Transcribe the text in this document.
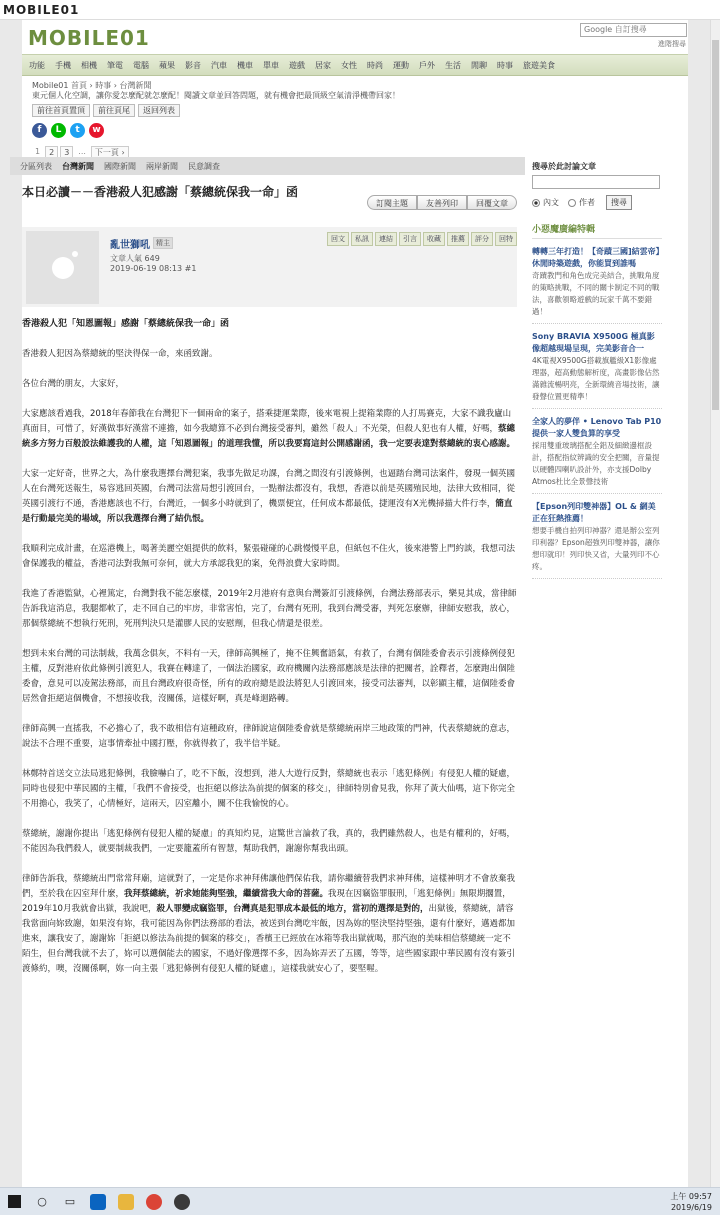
MOBILE01
MOBILE01	Google 自訂搜尋
進階搜尋
功能	手機	相機	筆電	電腦	蘋果	影音	汽車	機車	單車	遊戲	居家	女性	時尚	運動	戶外	生活	閒聊	時事	旅遊美食
Mobile01 首頁 › 時事 › 台灣新聞
東元個人化空調，讓你愛怎麼配就怎麼配！閱讀文章並回答問題，就有機會把最頂級空氣清淨機帶回家！
前往首頁置頂	前往頁尾	返回列表
f	L	t	w
1	2	3	...	下一頁 ›
分區列表	台灣新聞	國際新聞	兩岸新聞	民意調查
本日必讀－－香港殺人犯感謝「蔡總統保我一命」函
訂閱主題	友善列印	回覆文章
亂世獅吼 精主
文章人氣 649
2019-06-19 08:13 #1
回文	私訊	連結	引言	收藏	推薦	評分	回特

香港殺人犯「知恩圖報」感謝「蔡總統保我一命」函

香港殺人犯因為蔡總統的堅決得保一命，來函致謝。

各位台灣的朋友，大家好，

大家應該看過我，2018年春節我在台灣犯下一個兩命的案子，搭乘捷運業際，後來電視上提箱業際的人打馬賽克，大家不識我廬山真面目，可惜了，好漢做事好漢當不連擔，如今我總算不必到台灣接受審判，雖然「殺人」不光榮，但殺人犯也有人權，好嗎，蔡總統多方努力百般設法維護我的人權，這「知恩圖報」的道理我懂，所以我要寫這封公開感謝函，我一定要表達對蔡總統的衷心感謝。

大家一定好奇，世界之大，為什麼我選擇台灣犯案，我事先做足功課，台灣之間沒有引渡條例，也逼踏台灣司法案件，發現一個英國人在台灣死送報生，易容逃回英國，台灣司法當局想引渡回台，一點辦法都沒有，我想，香港以前是英國殖民地，法律大致相同，從英國引渡行不通，香港應該也不行，台灣近，一個多小時就到了，機票便宜，任何成本都最低，捷運沒有X光機掃描大件行李，簡直是行動最完美的場域，所以我選擇台灣了結仇恨。

我順利完成計畫，在巡港機上，喝著美麗空姐提供的飲料，緊張碰碰的心跳慢慢平息，但紙包不住火，後來港警上門約談，我想司法會保護我的權益，香港司法對我無可奈何，就大方承認我犯的案，免得浪費大家時間。

我進了香港監獄，心裡篤定，台灣對我不能怎麼樣，2019年2月港府有意與台灣簽訂引渡條例，台灣法務部表示，樂見其成，當律師告訴我這消息，我腿都軟了，走不回自己的牢房，非常害怕，完了，台灣有死刑，我到台灣受審，判死怎麼辦，律師安慰我，放心，那個蔡總統不想執行死刑，死刑判決只是灌膠人民的安慰劑，但我心情還是很差。

想到未來台灣的司法制裁，我萬念俱灰，不料有一天，律師高興極了，掩不住興奮語氣，有救了，台灣有個陸委會表示引渡條例侵犯主權，反對港府依此條例引渡犯人，我賽在轉達了，一個法治國家，政府機關內法務部應該是法律的把關者，詮釋者，怎麼跑出個陸委會，意見可以凌駕法務部，而且台灣政府很奇怪，所有的政府總是設法將犯人引渡回來，接受司法審判，以彰顯主權，這個陸委會居然會拒絕這個機會，不想接收我，沒關係，這樣好啊，真是峰迴路轉。

律師高興一直搖我，不必擔心了，我不敢相信有這種政府，律師說這個陸委會就是蔡總統兩岸三地政策的門神，代表蔡總統的意志，說法不合理不重要，這事情牽扯中國打壓，你就得救了，我半信半疑。

林鄭特首送交立法局逃犯條例，我臉嚇白了，吃不下飯，沒想到，港人大遊行反對，蔡總統也表示「逃犯條例」有侵犯人權的疑慮，同時也侵犯中華民國的主權，「我們不會接受，也拒絕以修法為前提的個案的移交」，律師特別會見我，你拜了黃大仙嗎，這下你完全不用擔心，我笑了，心情極好，這兩天，囚室離小，關不住我愉悅的心。

蔡總統，謝謝你提出「逃犯條例有侵犯人權的疑慮」的真知灼見，這驚世言論救了我，真的，我們雖然殺人，也是有權利的，好嗎，不能因為我們殺人，就要制裁我們，一定要籠蓋所有智慧，幫助我們，謝謝你幫我出頭。

律師告訴我，蔡總統出門常常拜廟，這就對了，一定是你求神拜佛讓他們保佑我，請你繼續替我們求神拜佛，這樣神明才不會放棄我們，至於我在囚室拜什麼，我拜蔡總統，祈求她能夠堅強，繼續當我大命的菩薩。我現在因竊盜罪服刑，「逃犯條例」無限期擱置，2019年10月我就會出獄，我說吧，殺人罪變成竊盜罪，台灣真是犯罪成本最低的地方，當初的選擇是對的，出獄後，蔡總統，請容我當面向妳致謝，如果沒有妳，我可能因為你們法務部的看法，被送到台灣吃牢飯，因為妳的堅決堅持堅強，還有什麼好，邁過都加進來，讓我安了，謝謝妳「拒絕以修法為前提的個案的移交」，香檳王已經放在冰箱等我出獄就喝，那汽泡的美味相信蔡總統一定不陌生，但台灣我就不去了，妳可以選個能去的國家，不過好像選擇不多，因為妳弄丟了五國，等等，這些國家跟中華民國有沒有簽引渡條約，噢，沒關係啊，妳一向主張「逃犯條例有侵犯人權的疑慮」，這樣我就安心了，要堅喔。

搜尋於此討論文章
內文	作者	搜尋
小惡魔廣編特輯
轉轉三年打造！【奇蹟三國]結雲帝】休閒時築遊戲，你能買到誰嗎
奇蹟教門和角色成完美結合，挑戰角度的策略挑戰，不同的關卡制定不同的戰法，喜歡領略遊戲的玩家千萬不要錯過！
Sony BRAVIA X9500G 極真影像超越現場呈現，完美影音合一
4K電視X9500G搭載旗艦級X1影像處理器，超高動態解析度，高畫影像佔然滿雜流暢明亮，全新環繞音場技術，讓發聲位置更精準！
全家人的夢伴 • Lenovo Tab P10 提供一家人雙負算的享受
採用雙重玻璃搭配全鋁及細緻邊框設計，搭配指紋辨識的安全把關，音量提以硬體四喇叭設計外，亦支援Dolby Atmos杜比全景聲技術
【Epson列印雙神器】OL & 網美正在狂熱推薦！
想要手機自拍列印神器？還是辦公室列印利器？Epson超強列印雙神器，讓你想印就印！列印快又省，大量列印不心疼。
○	▭	上午 09:57
2019/6/19
